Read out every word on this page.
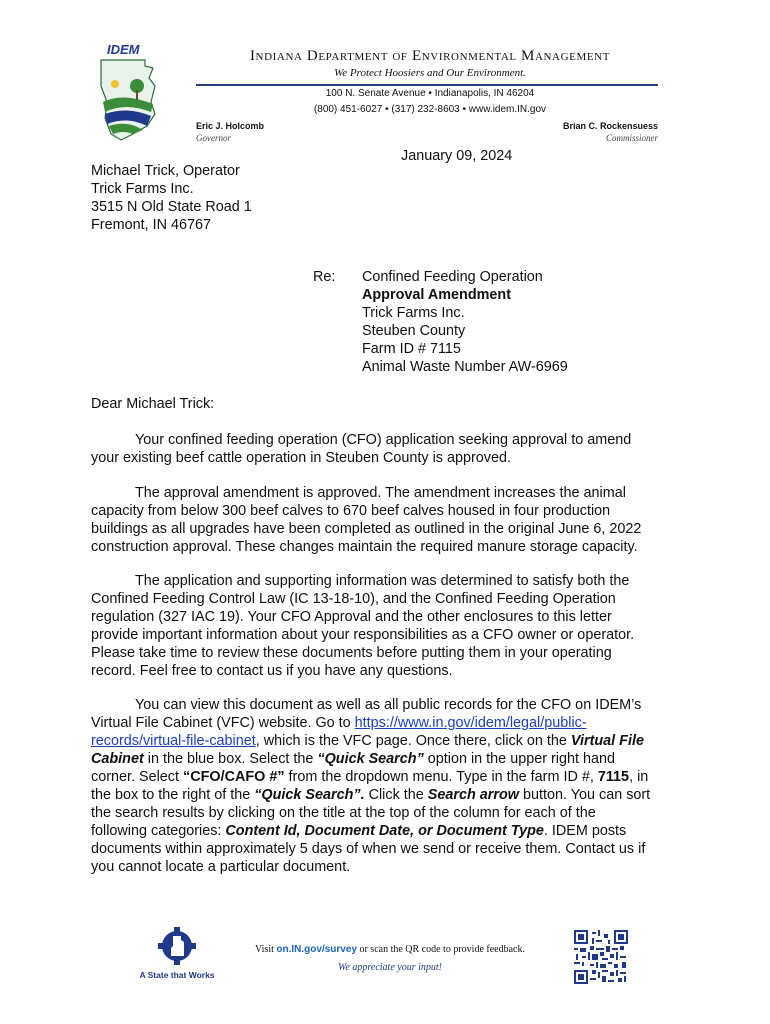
IDEM	Indiana Department of Environmental Management
We Protect Hoosiers and Our Environment.
100 N. Senate Avenue • Indianapolis, IN 46204
(800) 451-6027 • (317) 232-8603 • www.idem.IN.gov
Eric J. Holcomb
Governor
Brian C. Rockensuess
Commissioner
January 09, 2024
Michael Trick, Operator
Trick Farms Inc.
3515 N Old State Road 1
Fremont, IN 46767
Re: Confined Feeding Operation
Approval Amendment
Trick Farms Inc.
Steuben County
Farm ID # 7115
Animal Waste Number AW-6969
Dear Michael Trick:
Your confined feeding operation (CFO) application seeking approval to amend
your existing beef cattle operation in Steuben County is approved.
The approval amendment is approved. The amendment increases the animal
capacity from below 300 beef calves to 670 beef calves housed in four production
buildings as all upgrades have been completed as outlined in the original June 6, 2022
construction approval. These changes maintain the required manure storage capacity.
The application and supporting information was determined to satisfy both the
Confined Feeding Control Law (IC 13-18-10), and the Confined Feeding Operation
regulation (327 IAC 19). Your CFO Approval and the other enclosures to this letter
provide important information about your responsibilities as a CFO owner or operator.
Please take time to review these documents before putting them in your operating
record. Feel free to contact us if you have any questions.
You can view this document as well as all public records for the CFO on IDEM’s
Virtual File Cabinet (VFC) website. Go to https://www.in.gov/idem/legal/public-
records/virtual-file-cabinet, which is the VFC page. Once there, click on the Virtual File
Cabinet in the blue box. Select the “Quick Search” option in the upper right hand
corner. Select “CFO/CAFO #” from the dropdown menu. Type in the farm ID #, 7115, in
the box to the right of the “Quick Search”. Click the Search arrow button. You can sort
the search results by clicking on the title at the top of the column for each of the
following categories: Content Id, Document Date, or Document Type. IDEM posts
documents within approximately 5 days of when we send or receive them. Contact us if
you cannot locate a particular document.
A State that Works
Visit on.IN.gov/survey or scan the QR code to provide feedback.
We appreciate your input!
